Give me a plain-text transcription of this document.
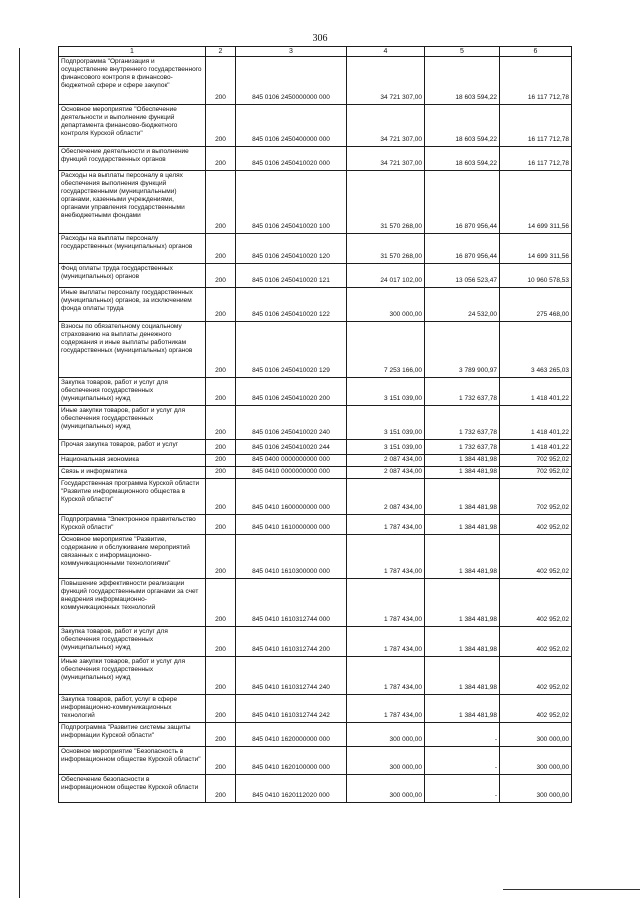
306
1	2	3	4	5	6

Подпрограмма "Организация и осуществление внутреннего государственного финансового контроля в финансово-бюджетной сфере и сфере закупок"	200	845 0106 2450000000 000	34 721 307,00	18 603 594,22	16 117 712,78

Основное мероприятие "Обеспечение деятельности и выполнение функций департамента финансово-бюджетного контроля Курской области"	200	845 0106 2450400000 000	34 721 307,00	18 603 594,22	16 117 712,78

Обеспечение деятельности и выполнение функций государственных органов	200	845 0106 2450410020 000	34 721 307,00	18 603 594,22	16 117 712,78

Расходы на выплаты персоналу в целях обеспечения выполнения функций государственными (муниципальными) органами, казенными учреждениями, органами управления государственными внебюджетными фондами	200	845 0106 2450410020 100	31 570 268,00	16 870 956,44	14 699 311,56

Расходы на выплаты персоналу государственных (муниципальных) органов	200	845 0106 2450410020 120	31 570 268,00	16 870 956,44	14 699 311,56

Фонд оплаты труда государственных (муниципальных) органов	200	845 0106 2450410020 121	24 017 102,00	13 056 523,47	10 960 578,53

Иные выплаты персоналу государственных (муниципальных) органов, за исключением фонда оплаты труда	200	845 0106 2450410020 122	300 000,00	24 532,00	275 468,00

Взносы по обязательному социальному страхованию на выплаты денежного содержания и иные выплаты работникам государственных (муниципальных) органов	200	845 0106 2450410020 129	7 253 166,00	3 789 900,97	3 463 265,03

Закупка товаров, работ и услуг для обеспечения государственных (муниципальных) нужд	200	845 0106 2450410020 200	3 151 039,00	1 732 637,78	1 418 401,22

Иные закупки товаров, работ и услуг для обеспечения государственных (муниципальных) нужд	200	845 0106 2450410020 240	3 151 039,00	1 732 637,78	1 418 401,22

Прочая закупка товаров, работ и услуг	200	845 0106 2450410020 244	3 151 039,00	1 732 637,78	1 418 401,22

Национальная экономика	200	845 0400 0000000000 000	2 087 434,00	1 384 481,98	702 952,02

Связь и информатика	200	845 0410 0000000000 000	2 087 434,00	1 384 481,98	702 952,02

Государственная программа Курской области "Развитие информационного общества в Курской области"	200	845 0410 1600000000 000	2 087 434,00	1 384 481,98	702 952,02

Подпрограмма "Электронное правительство Курской области"	200	845 0410 1610000000 000	1 787 434,00	1 384 481,98	402 952,02

Основное мероприятие "Развитие, содержание и обслуживание мероприятий связанных с информационно-коммуникационными технологиями"	200	845 0410 1610300000 000	1 787 434,00	1 384 481,98	402 952,02

Повышение эффективности реализации функций государственными органами за счет внедрения информационно-коммуникационных технологий	200	845 0410 1610312744 000	1 787 434,00	1 384 481,98	402 952,02

Закупка товаров, работ и услуг для обеспечения государственных (муниципальных) нужд	200	845 0410 1610312744 200	1 787 434,00	1 384 481,98	402 952,02

Иные закупки товаров, работ и услуг для обеспечения государственных (муниципальных) нужд	200	845 0410 1610312744 240	1 787 434,00	1 384 481,98	402 952,02

Закупка товаров, работ, услуг в сфере информационно-коммуникационных технологий	200	845 0410 1610312744 242	1 787 434,00	1 384 481,98	402 952,02

Подпрограмма "Развитие системы защиты информации Курской области"	200	845 0410 1620000000 000	300 000,00	-	300 000,00

Основное мероприятие "Безопасность в информационном обществе Курской области"	200	845 0410 1620100000 000	300 000,00	-	300 000,00

Обеспечение безопасности в информационном обществе Курской области	200	845 0410 1620112020 000	300 000,00	-	300 000,00
